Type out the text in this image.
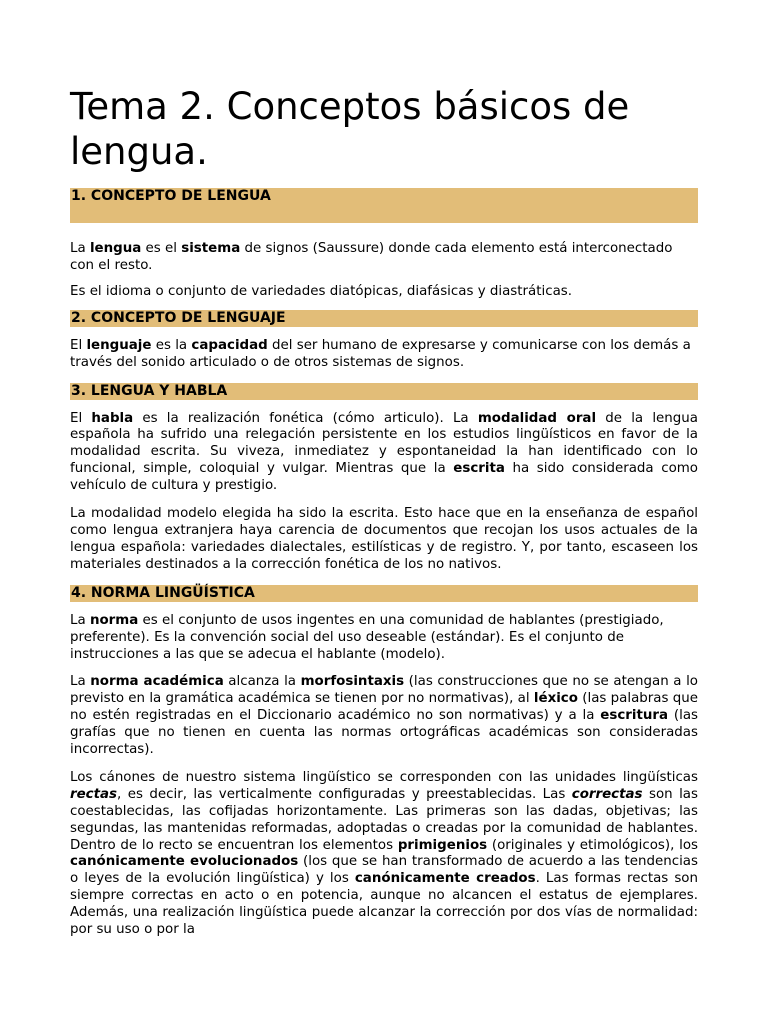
Tema 2. Conceptos básicos de lengua.
1. CONCEPTO DE LENGUA

La lengua es el sistema de signos (Saussure) donde cada elemento está interconectado con el resto.

Es el idioma o conjunto de variedades diatópicas, diafásicas y diastráticas.

2. CONCEPTO DE LENGUAJE

El lenguaje es la capacidad del ser humano de expresarse y comunicarse con los demás a través del sonido articulado o de otros sistemas de signos.

3. LENGUA Y HABLA

El habla es la realización fonética (cómo articulo). La modalidad oral de la lengua española ha sufrido una relegación persistente en los estudios lingüísticos en favor de la modalidad escrita. Su viveza, inmediatez y espontaneidad la han identificado con lo funcional, simple, coloquial y vulgar. Mientras que la escrita ha sido considerada como vehículo de cultura y prestigio.

La modalidad modelo elegida ha sido la escrita. Esto hace que en la enseñanza de español como lengua extranjera haya carencia de documentos que recojan los usos actuales de la lengua española: variedades dialectales, estilísticas y de registro. Y, por tanto, escaseen los materiales destinados a la corrección fonética de los no nativos.

4. NORMA LINGÜÍSTICA

La norma es el conjunto de usos ingentes en una comunidad de hablantes (prestigiado, preferente). Es la convención social del uso deseable (estándar). Es el conjunto de instrucciones a las que se adecua el hablante (modelo).

La norma académica alcanza la morfosintaxis (las construcciones que no se atengan a lo previsto en la gramática académica se tienen por no normativas), al léxico (las palabras que no estén registradas en el Diccionario académico no son normativas) y a la escritura (las grafías que no tienen en cuenta las normas ortográficas académicas son consideradas incorrectas).

Los cánones de nuestro sistema lingüístico se corresponden con las unidades lingüísticas rectas, es decir, las verticalmente configuradas y preestablecidas. Las correctas son las coestablecidas, las cofijadas horizontamente. Las primeras son las dadas, objetivas; las segundas, las mantenidas reformadas, adoptadas o creadas por la comunidad de hablantes. Dentro de lo recto se encuentran los elementos primigenios (originales y etimológicos), los canónicamente evolucionados (los que se han transformado de acuerdo a las tendencias o leyes de la evolución lingüística) y los canónicamente creados. Las formas rectas son siempre correctas en acto o en potencia, aunque no alcancen el estatus de ejemplares. Además, una realización lingüística puede alcanzar la corrección por dos vías de normalidad: por su uso o por la
